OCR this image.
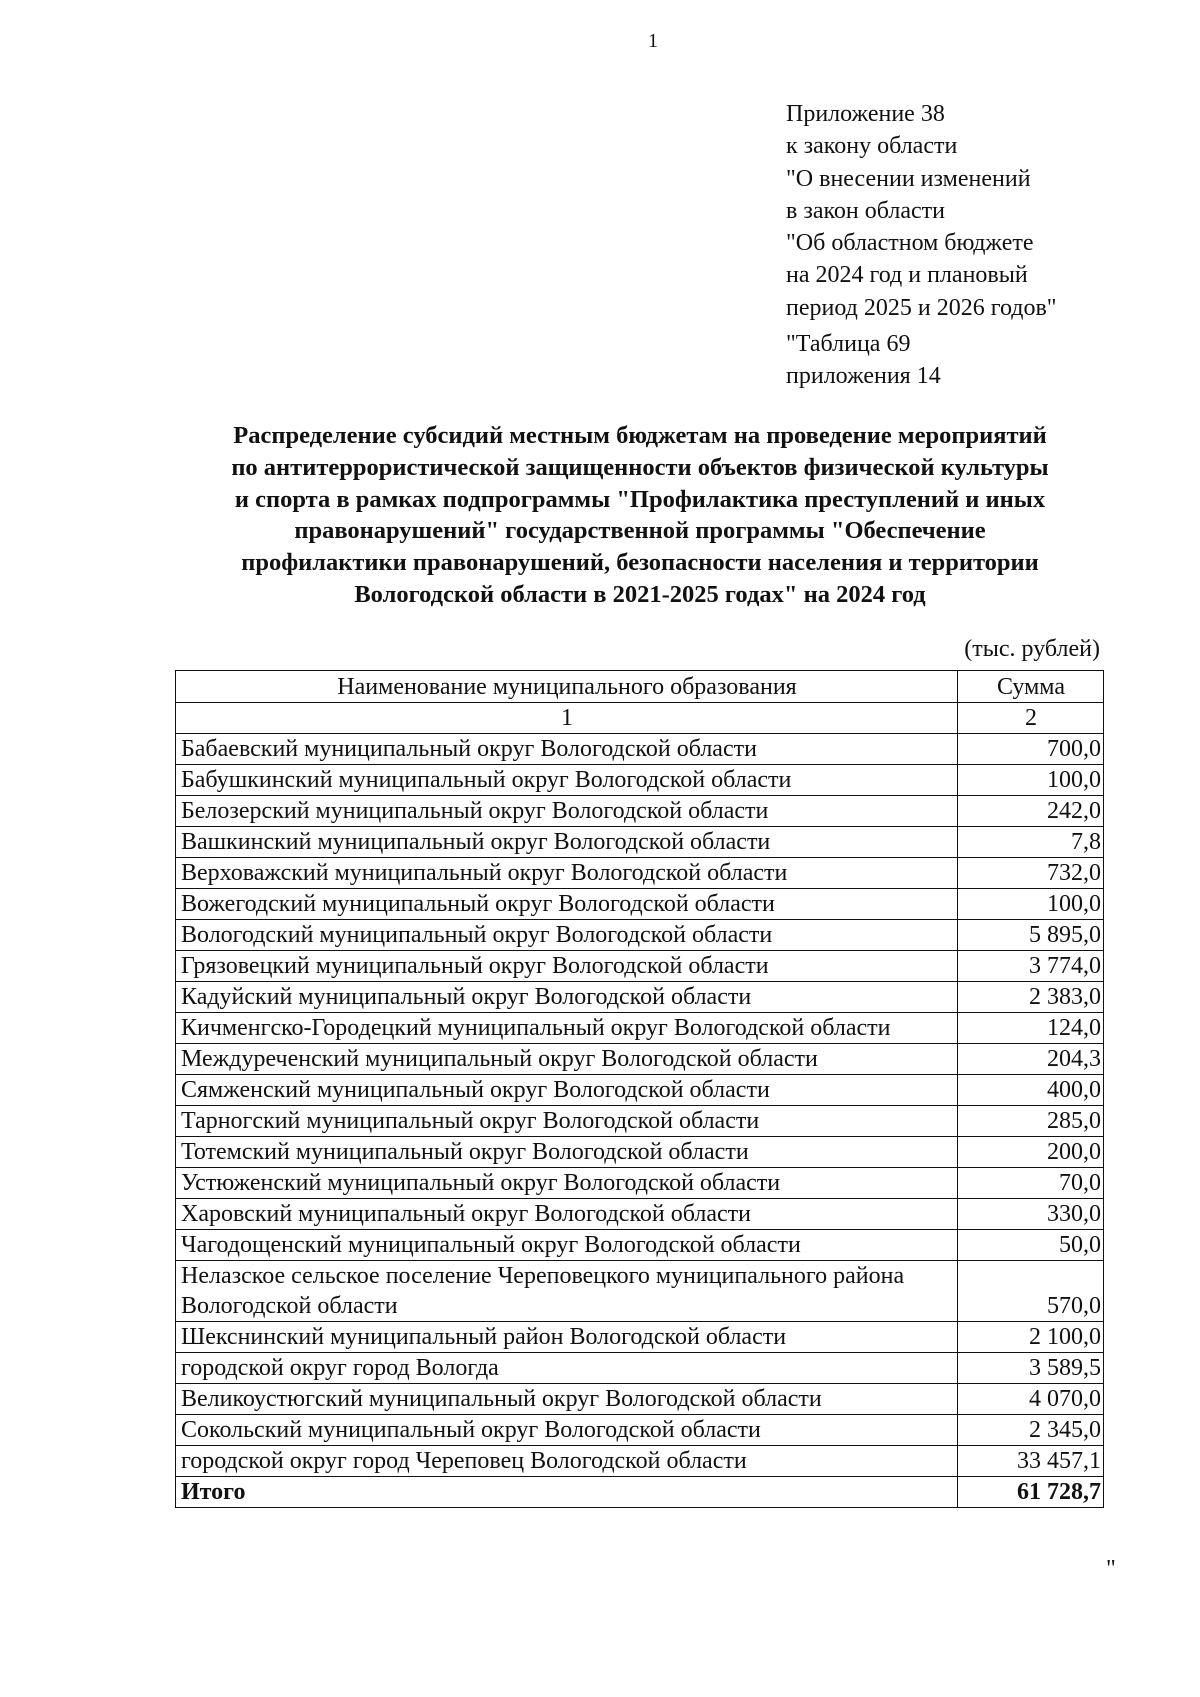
1
Приложение 38
к закону области
"О внесении изменений
в закон области
"Об областном бюджете
на 2024 год и плановый
период 2025 и 2026 годов"
"Таблица 69
приложения 14
Распределение субсидий местным бюджетам на проведение мероприятий
по антитеррористической защищенности объектов физической культуры
и спорта в рамках подпрограммы "Профилактика преступлений и иных
правонарушений" государственной программы "Обеспечение
профилактики правонарушений, безопасности населения и территории
Вологодской области в 2021-2025 годах" на 2024 год
(тыс. рублей)
Наименование муниципального образования	Сумма
1	2
Бабаевский муниципальный округ Вологодской области	700,0
Бабушкинский муниципальный округ Вологодской области	100,0
Белозерский муниципальный округ Вологодской области	242,0
Вашкинский муниципальный округ Вологодской области	7,8
Верховажский муниципальный округ Вологодской области	732,0
Вожегодский муниципальный округ Вологодской области	100,0
Вологодский муниципальный округ Вологодской области	5 895,0
Грязовецкий муниципальный округ Вологодской области	3 774,0
Кадуйский муниципальный округ Вологодской области	2 383,0
Кичменгско-Городецкий муниципальный округ Вологодской области	124,0
Междуреченский муниципальный округ Вологодской области	204,3
Сямженский муниципальный округ Вологодской области	400,0
Тарногский муниципальный округ Вологодской области	285,0
Тотемский муниципальный округ Вологодской области	200,0
Устюженский муниципальный округ Вологодской области	70,0
Харовский муниципальный округ Вологодской области	330,0
Чагодощенский муниципальный округ Вологодской области	50,0
Нелазское сельское поселение Череповецкого муниципального района Вологодской области	570,0
Шекснинский муниципальный район Вологодской области	2 100,0
городской округ город Вологда	3 589,5
Великоустюгский муниципальный округ Вологодской области	4 070,0
Сокольский муниципальный округ Вологодской области	2 345,0
городской округ город Череповец Вологодской области	33 457,1
Итого	61 728,7
"
